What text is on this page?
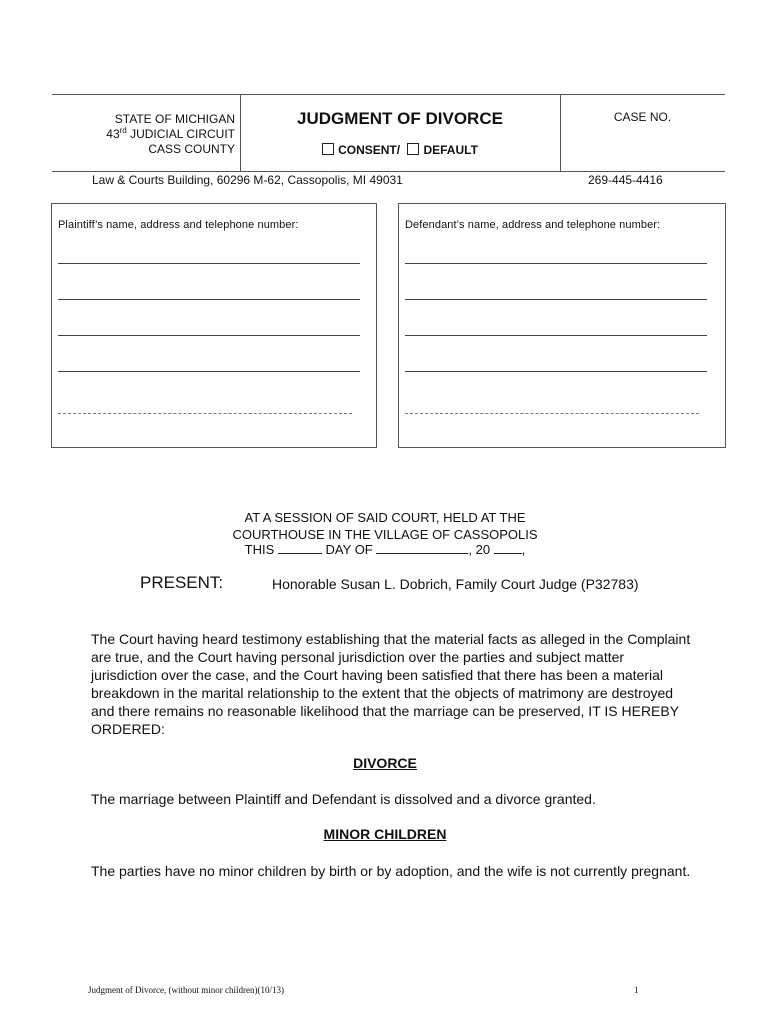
STATE OF MICHIGAN
43rd JUDICIAL CIRCUIT
CASS COUNTY
JUDGMENT OF DIVORCE
CONSENT/ DEFAULT
CASE NO.
Law & Courts Building, 60296 M-62, Cassopolis, MI 49031	269-445-4416
Plaintiff’s name, address and telephone number:	Defendant’s name, address and telephone number:
AT A SESSION OF SAID COURT, HELD AT THE
COURTHOUSE IN THE VILLAGE OF CASSOPOLIS
THIS	DAY OF	, 20 ,
PRESENT:	Honorable Susan L. Dobrich, Family Court Judge (P32783)
The Court having heard testimony establishing that the material facts as alleged in the Complaint are true, and the Court having personal jurisdiction over the parties and subject matter jurisdiction over the case, and the Court having been satisfied that there has been a material breakdown in the marital relationship to the extent that the objects of matrimony are destroyed and there remains no reasonable likelihood that the marriage can be preserved, IT IS HEREBY ORDERED:
DIVORCE
The marriage between Plaintiff and Defendant is dissolved and a divorce granted.
MINOR CHILDREN
The parties have no minor children by birth or by adoption, and the wife is not currently pregnant.
Judgment of Divorce, (without minor children)(10/13)	1
